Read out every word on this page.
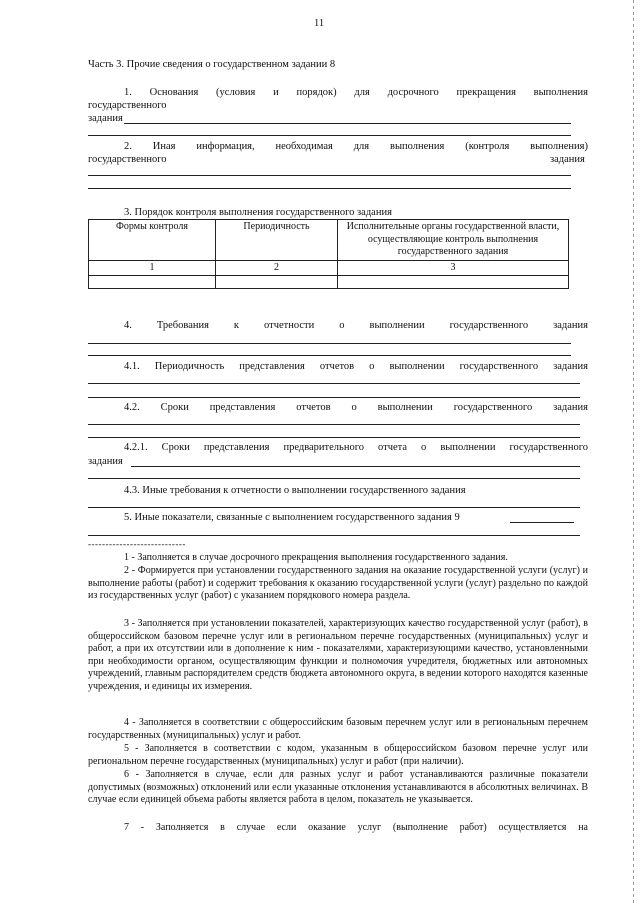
11
Часть 3. Прочие сведения о государственном задании 8
1. Основания (условия и порядок) для досрочного прекращения выполнения
государственного
задания
2. Иная информация, необходимая для выполнения (контроля выполнения)
государственного	задания
3. Порядок контроля выполнения государственного задания
Формы контроля	Периодичность	Исполнительные органы государственной власти, осуществляющие контроль выполнения государственного задания
1	2	3

4. Требования к отчетности о выполнении государственного задания
4.1. Периодичность представления отчетов о выполнении государственного задания
4.2. Сроки представления отчетов о выполнении государственного задания
4.2.1. Сроки представления предварительного отчета о выполнении государственного
задания
4.3. Иные требования к отчетности о выполнении государственного задания
5. Иные показатели, связанные с выполнением государственного задания 9
----------------------------
1 - Заполняется в случае досрочного прекращения выполнения государственного задания.
2 - Формируется при установлении государственного задания на оказание государственной услуги (услуг) и выполнение работы (работ) и содержит требования к оказанию государственной услуги (услуг) раздельно по каждой из государственных услуг (работ) с указанием порядкового номера раздела.
3 - Заполняется при установлении показателей, характеризующих качество государственной услуг (работ), в общероссийском базовом перечне услуг или в региональном перечне государственных (муниципальных) услуг и работ, а при их отсутствии или в дополнение к ним - показателями, характеризующими качество, установленными при необходимости органом, осуществляющим функции и полномочия учредителя, бюджетных или автономных учреждений, главным распорядителем средств бюджета автономного округа, в ведении которого находятся казенные учреждения, и единицы их измерения.
4 - Заполняется в соответствии с общероссийским базовым перечнем услуг или в региональным перечнем государственных (муниципальных) услуг и работ.
5 - Заполняется в соответствии с кодом, указанным в общероссийском базовом перечне услуг или региональном перечне государственных (муниципальных) услуг и работ (при наличии).
6 - Заполняется в случае, если для разных услуг и работ устанавливаются различные показатели допустимых (возможных) отклонений или если указанные отклонения устанавливаются в абсолютных величинах. В случае если единицей объема работы является работа в целом, показатель не указывается.
7 - Заполняется в случае если оказание услуг (выполнение работ) осуществляется на
